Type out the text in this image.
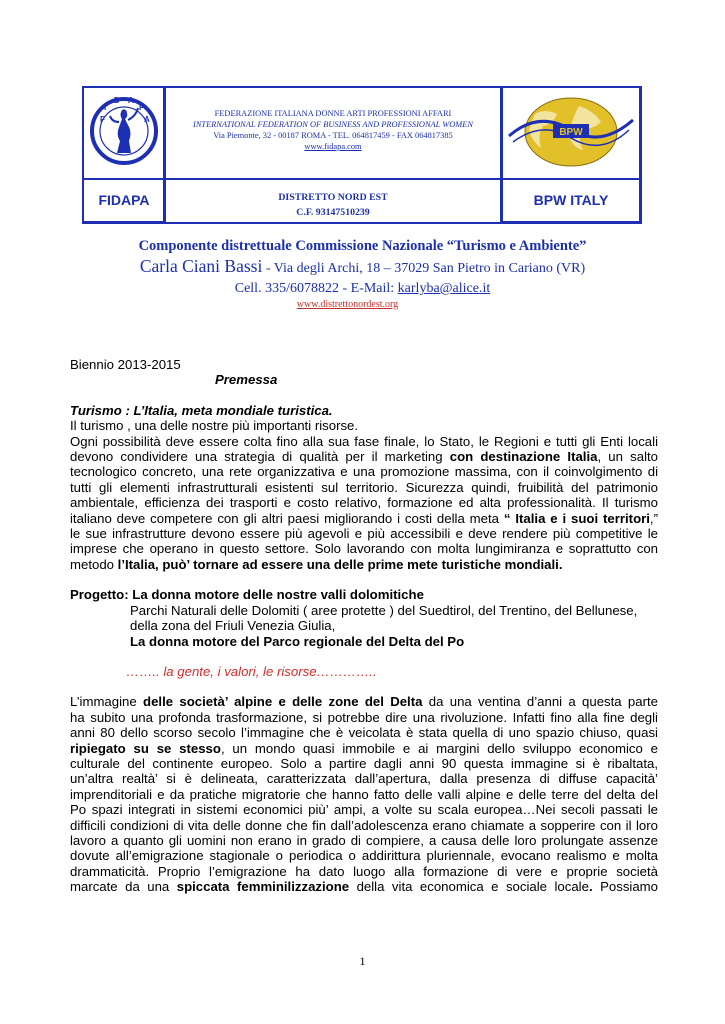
F
I
D A
P
A
BPW
FIDAPA	BPW ITALY
FEDERAZIONE ITALIANA DONNE ARTI PROFESSIONI AFFARI
INTERNATIONAL FEDERATION OF BUSINESS AND PROFESSIONAL WOMEN
Via Piemonte, 32 - 00187 ROMA - TEL. 064817459 - FAX 064817385
www.fidapa.com
DISTRETTO NORD EST
C.F. 93147510239
Componente distrettuale Commissione Nazionale “Turismo e Ambiente”
Carla Ciani Bassi - Via degli Archi, 18 – 37029 San Pietro in Cariano (VR)
Cell. 335/6078822 - E-Mail: karlyba@alice.it
www.distrettonordest.org

Biennio 2013-2015

Premessa

Turismo : L’Italia, meta mondiale turistica.

Il turismo , una delle nostre più importanti risorse.

Ogni possibilità deve essere colta fino alla sua fase finale, lo Stato, le Regioni e tutti gli Enti locali

devono condividere una strategia di qualità per il marketing con destinazione Italia, un salto

tecnologico concreto, una rete organizzativa e una promozione massima, con il coinvolgimento di

tutti gli elementi infrastrutturali esistenti sul territorio. Sicurezza quindi, fruibilità del patrimonio

ambientale, efficienza dei trasporti e costo relativo, formazione ed alta professionalità. Il turismo

italiano deve competere con gli altri paesi migliorando i costi della meta “ Italia e i suoi territori,”

le sue infrastrutture devono essere più agevoli e più accessibili e deve rendere più competitive le

imprese che operano in questo settore. Solo lavorando con molta lungimiranza e soprattutto con

metodo l’Italia, può’ tornare ad essere una delle prime mete turistiche mondiali.

Progetto: La donna motore delle nostre valli dolomitiche

Parchi Naturali delle Dolomiti ( aree protette ) del Suedtirol, del Trentino, del Bellunese,

della zona del Friuli Venezia Giulia,

La donna motore del Parco regionale del Delta del Po

…….. la gente, i valori, le risorse…………..

L’immagine delle società’ alpine e delle zone del Delta da una ventina d’anni a questa parte

ha subito una profonda trasformazione, si potrebbe dire una rivoluzione. Infatti fino alla fine degli

anni 80 dello scorso secolo l’immagine che è veicolata è stata quella di uno spazio chiuso, quasi

ripiegato su se stesso, un mondo quasi immobile e ai margini dello sviluppo economico e

culturale del continente europeo. Solo a partire dagli anni 90 questa immagine si è ribaltata,

un’altra realtà’ si è delineata, caratterizzata dall’apertura, dalla presenza di diffuse capacità’

imprenditoriali e da pratiche migratorie che hanno fatto delle valli alpine e delle terre del delta del

Po spazi integrati in sistemi economici più’ ampi, a volte su scala europea…Nei secoli passati le

difficili condizioni di vita delle donne che fin dall’adolescenza erano chiamate a sopperire con il loro

lavoro a quanto gli uomini non erano in grado di compiere, a causa delle loro prolungate assenze

dovute all’emigrazione stagionale o periodica o addirittura pluriennale, evocano realismo e molta

drammaticità. Proprio l’emigrazione ha dato luogo alla formazione di vere e proprie società

marcate da una spiccata femminilizzazione della vita economica e sociale locale. Possiamo

1
